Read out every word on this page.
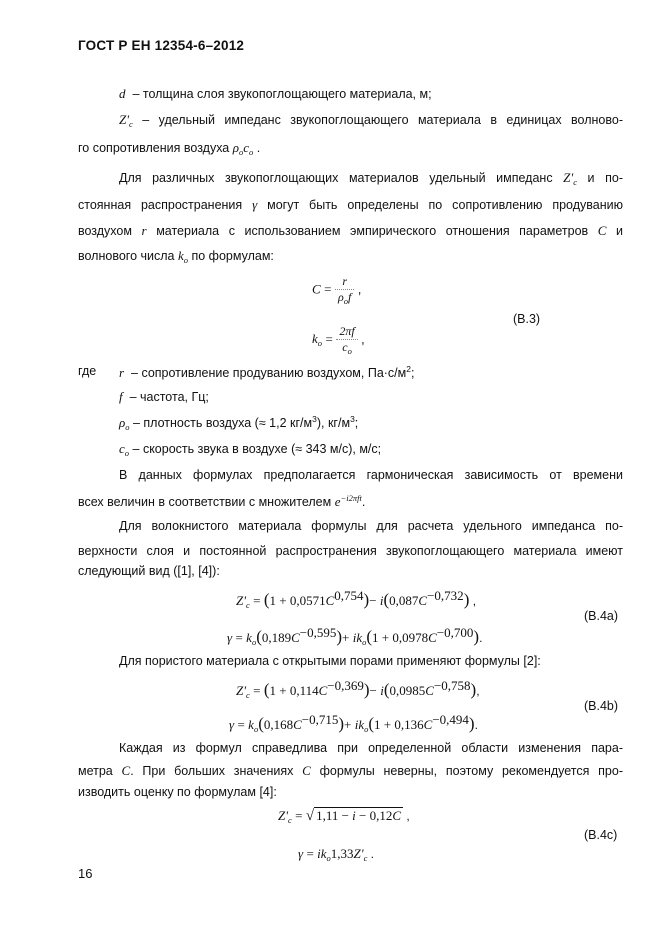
ГОСТ Р ЕН 12354-6–2012
d – толщина слоя звукопоглощающего материала, м;
$Z'_c$ – удельный импеданс звукопоглощающего материала в единицах волново-
го сопротивления воздуха $\rho_oc_o$ .
Для различных звукопоглощающих материалов удельный импеданс $Z'_c$ и по-
стоянная распространения γ могут быть определены по сопротивлению продуванию
воздухом r материала с использованием эмпирического отношения параметров C и
волнового числа $k_o$ по формулам:
$C = \frac{r}{\rho_of}$ ,
(B.3)
$k_o = \frac{2\pi f}{c_o}$ ,
где r – сопротивление продуванию воздухом, $Па\cdot с/м^2$;
f – частота, Гц;
$\rho_o$ – плотность воздуха (≈ 1,2 $кг/м^3$), $кг/м^3$;
$c_o$ – скорость звука в воздухе (≈ 343 м/с), м/с;
В данных формулах предполагается гармоническая зависимость от времени
всех величин в соответствии с множителем $e^{-i2\pi ft}$.
Для волокнистого материала формулы для расчета удельного импеданса по-
верхности слоя и постоянной распространения звукопоглощающего материала имеют
следующий вид ([1], [4]):
$Z'_c = (1 + 0,0571C^{0,754})- i(0,087C^{-0,732})$ ,
(B.4a)
$\gamma = k_o(0,189C^{-0,595})+ ik_o(1 + 0,0978C^{-0,700})$.
Для пористого материала с открытыми порами применяют формулы [2]:
$Z'_c = (1 + 0,114C^{-0,369})- i(0,0985C^{-0,758})$,
(B.4b)
$\gamma = k_o(0,168C^{-0,715})+ ik_o(1 + 0,136C^{-0,494})$.
Каждая из формул справедлива при определенной области изменения пара-
метра C. При больших значениях C формулы неверны, поэтому рекомендуется про-
изводить оценку по формулам [4]:
$Z'_c$ = √ 1,11 − i − 0,12C ,
(B.4c)
$\gamma = ik_o1,33Z'_c$ .
16
